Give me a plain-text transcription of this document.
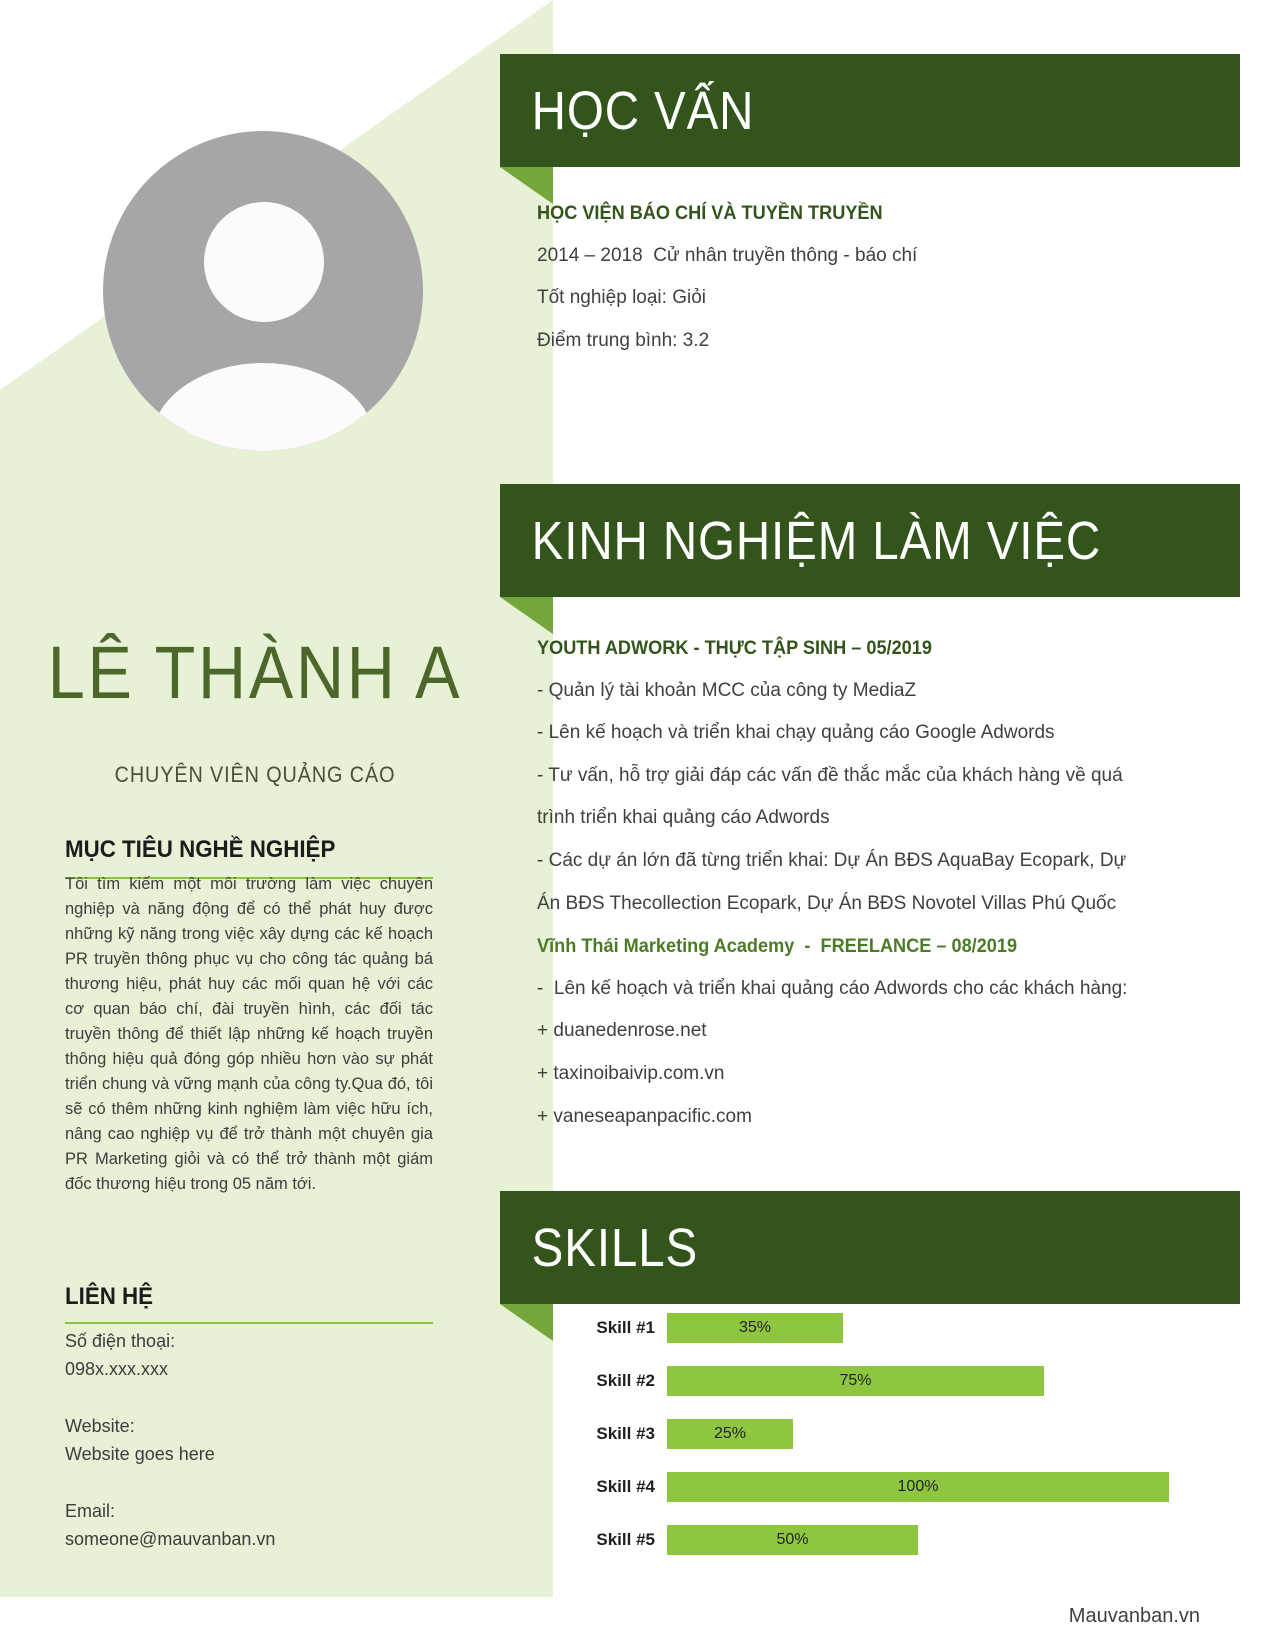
HỌC VẤN
KINH NGHIỆM LÀM VIỆC
SKILLS
LÊ THÀNH A
CHUYÊN VIÊN QUẢNG CÁO
MỤC TIÊU NGHỀ NGHIỆP
Tôi tìm kiếm một môi trường làm việc chuyên nghiệp và năng động để có thể phát huy được những kỹ năng trong việc xây dựng các kế hoạch PR truyền thông phục vụ cho công tác quảng bá thương hiệu, phát huy các mối quan hệ với các cơ quan báo chí, đài truyền hình, các đối tác truyền thông để thiết lập những kế hoạch truyền thông hiệu quả đóng góp nhiều hơn vào sự phát triển chung và vững mạnh của công ty.Qua đó, tôi sẽ có thêm những kinh nghiệm làm việc hữu ích, nâng cao nghiệp vụ để trở thành một chuyên gia PR Marketing giỏi và có thể trở thành một giám đốc thương hiệu trong 05 năm tới.
LIÊN HỆ
Số điện thoại:
098x.xxx.xxx
Website:
Website goes here
Email:
someone@mauvanban.vn
HỌC VIỆN BÁO CHÍ VÀ TUYỀN TRUYỀN
2014 – 2018  Cử nhân truyền thông - báo chí
Tốt nghiệp loại: Giỏi
Điểm trung bình: 3.2
YOUTH ADWORK - THỰC TẬP SINH – 05/2019
- Quản lý tài khoản MCC của công ty MediaZ
- Lên kế hoạch và triển khai chạy quảng cáo Google Adwords
- Tư vấn, hỗ trợ giải đáp các vấn đề thắc mắc của khách hàng về quá
trình triển khai quảng cáo Adwords
- Các dự án lớn đã từng triển khai: Dự Án BĐS AquaBay Ecopark, Dự
Án BĐS Thecollection Ecopark, Dự Án BĐS Novotel Villas Phú Quốc
Vĩnh Thái Marketing Academy  -  FREELANCE – 08/2019
-  Lên kế hoạch và triển khai quảng cáo Adwords cho các khách hàng:
+ duanedenrose.net
+ taxinoibaivip.com.vn
+ vaneseapanpacific.com
Skill #1	35%
Skill #2	75%
Skill #3	25%
Skill #4	100%
Skill #5	50%
Mauvanban.vn
